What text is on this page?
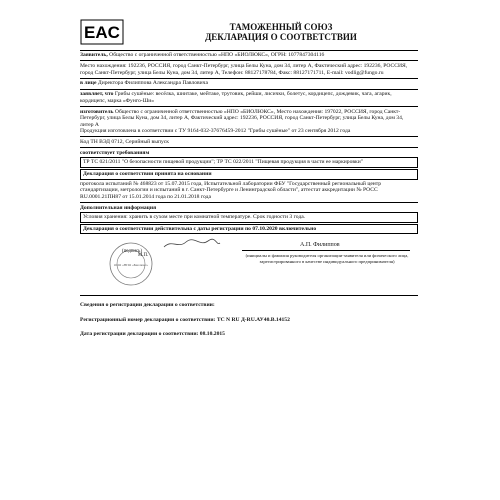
EAC	ТАМОЖЕННЫЙ СОЮЗ
ДЕКЛАРАЦИЯ О СООТВЕТСТВИИ

Заявитель, Общество с ограниченной ответственностью «НПО «БИОЛЮКС», ОГРН: 1077847304116

Место нахождения: 192236, РОССИЯ, город Санкт-Петербург, улица Белы Куна, дом 34, литер А, Фактический адрес: 192236, РОССИЯ, город Санкт-Петербург, улица Белы Куна, дом 34, литер А, Телефон: 88127178784, Факс: 88127171711, E-mail: vodlig@fungo.ru

в лице Директора Филиппова Александра Павловича

заявляет, что Грибы сушёные: весёлка, шиитаке, мейтаке, трутовик, рейши, лисички, болетус, кордицепс, дождевик, чага, агарик, кордицепс, марка «Фунго-Ши»

изготовитель Общество с ограниченной ответственностью «НПО «БИОЛЮКС», Место нахождения: 197022, РОССИЯ, город Санкт-Петербург, улица Белы Куна, дом 34, литер А, Фактический адрес: 192236, РОССИЯ, город Санкт-Петербург, улица Белы Куна, дом 34, литер А

Продукция изготовлена в соответствии с ТУ 9164-032-37676459-2012 "Грибы сушёные" от 23 сентября 2012 года

Код ТН ВЭД 0712, Серийный выпуск

соответствует требованиям

ТР ТС 021/2011 "О безопасности пищевой продукции"; ТР ТС 022/2011 "Пищевая продукция в части ее маркировки"

Декларация о соответствии принята на основании

протокола испытаний № 468823 от 15.07.2015 года, Испытательной лаборатории ФБУ "Государственный региональный центр стандартизации, метрологии и испытаний в г. Санкт-Петербурге и Ленинградской области", аттестат аккредитации № РОСС RU.0001.21ПН87 от 15.01.2014 года по 21.01.2018 года

Дополнительная информация

Условия хранения: хранить в сухом месте при комнатной температуре. Срок годности 3 года.

Декларация о соответствии действительна с даты регистрации по 07.10.2020 включительно

ООО «НПО «Биолюкс»
(подпись)
М.П.
А.П. Филиппов
(инициалы и фамилия руководителя организации-заявителя или физического лица, зарегистрированного в качестве индивидуального предпринимателя)

Сведения о регистрации декларации о соответствии:

Регистрационный номер декларации о соответствии: ТС N RU Д-RU.АУ40.В.14152

Дата регистрации декларации о соответствии: 08.10.2015
